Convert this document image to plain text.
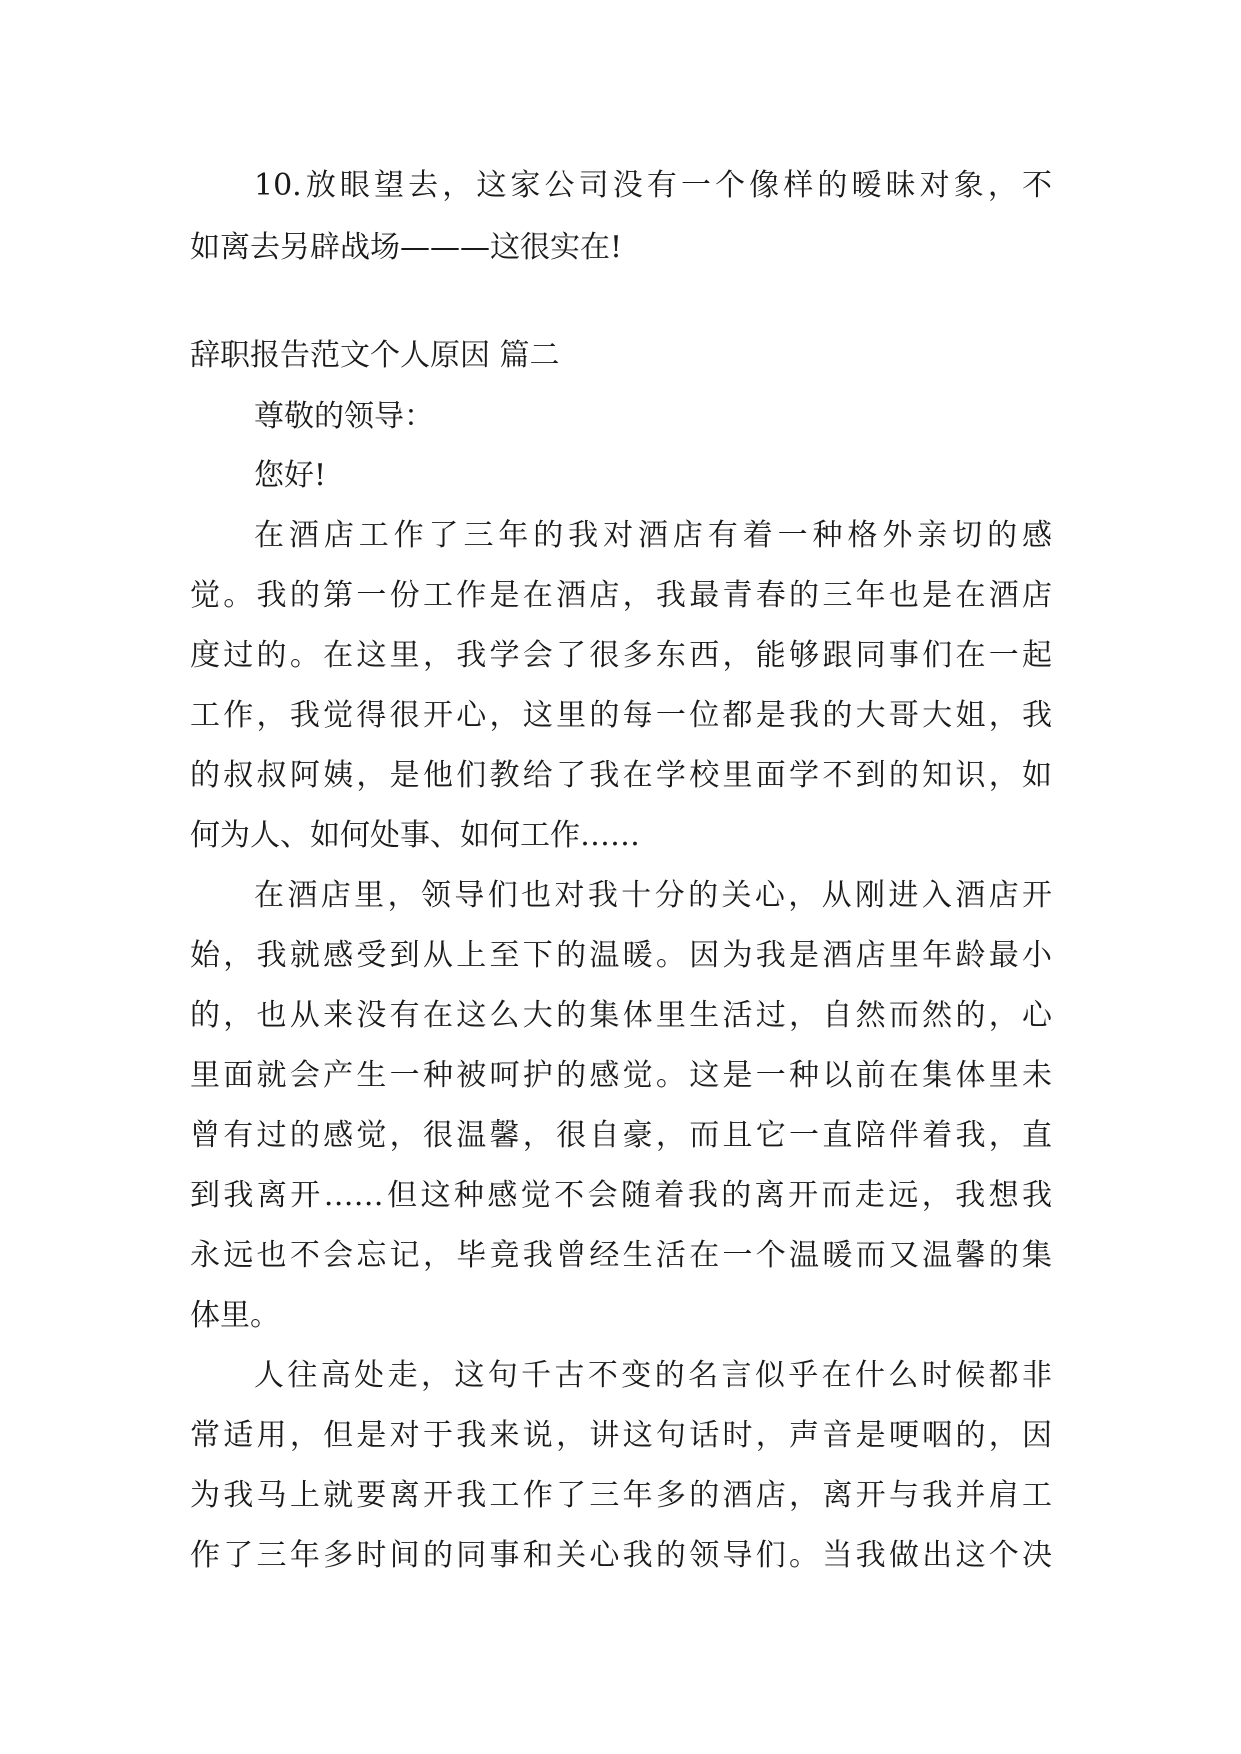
10.放眼望去，这家公司没有一个像样的暧昧对象，不
如离去另辟战场———这很实在!
辞职报告范文个人原因 篇二
尊敬的领导：
您好!
在酒店工作了三年的我对酒店有着一种格外亲切的感
觉。我的第一份工作是在酒店，我最青春的三年也是在酒店
度过的。在这里，我学会了很多东西，能够跟同事们在一起
工作，我觉得很开心，这里的每一位都是我的大哥大姐，我
的叔叔阿姨，是他们教给了我在学校里面学不到的知识，如
何为人、如何处事、如何工作……
在酒店里，领导们也对我十分的关心，从刚进入酒店开
始，我就感受到从上至下的温暖。因为我是酒店里年龄最小
的，也从来没有在这么大的集体里生活过，自然而然的，心
里面就会产生一种被呵护的感觉。这是一种以前在集体里未
曾有过的感觉，很温馨，很自豪，而且它一直陪伴着我，直
到我离开……但这种感觉不会随着我的离开而走远，我想我
永远也不会忘记，毕竟我曾经生活在一个温暖而又温馨的集
体里。
人往高处走，这句千古不变的名言似乎在什么时候都非
常适用，但是对于我来说，讲这句话时，声音是哽咽的，因
为我马上就要离开我工作了三年多的酒店，离开与我并肩工
作了三年多时间的同事和关心我的领导们。当我做出这个决
